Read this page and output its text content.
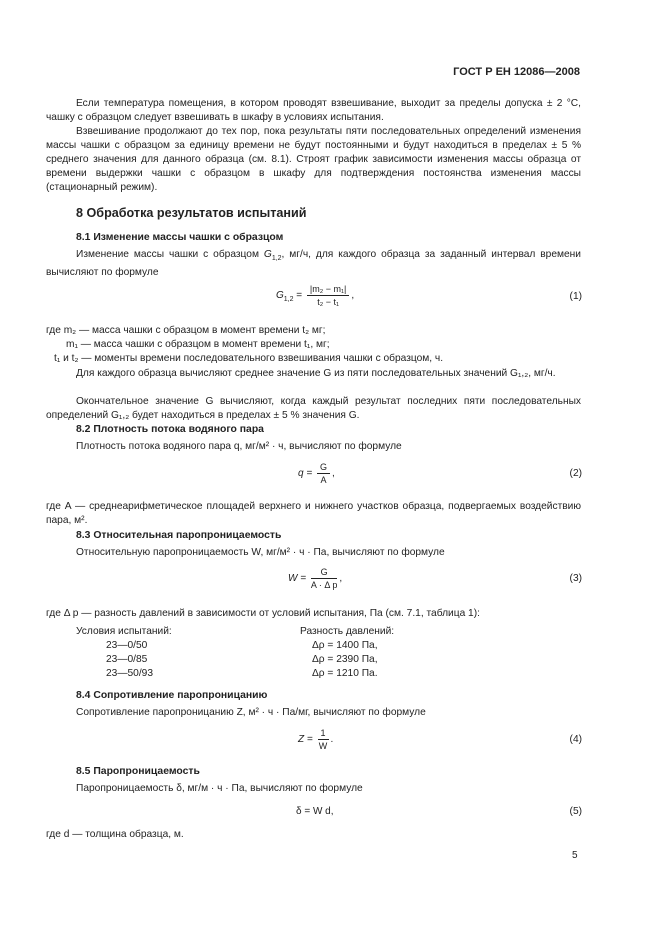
ГОСТ Р ЕН 12086—2008
Если температура помещения, в котором проводят взвешивание, выходит за пределы допуска ± 2 °С, чашку с образцом следует взвешивать в шкафу в условиях испытания.
Взвешивание продолжают до тех пор, пока результаты пяти последовательных определений изменения массы чашки с образцом за единицу времени не будут постоянными и будут находиться в пределах ± 5 % среднего значения для данного образца (см. 8.1). Строят график зависимости изменения массы образца от времени выдержки чашки с образцом в шкафу для подтверждения постоянства изменения массы (стационарный режим).
8 Обработка результатов испытаний
8.1 Изменение массы чашки с образцом
Изменение массы чашки с образцом $G_{1,2}$, мг/ч, для каждого образца за заданный интервал времени вычисляют по формуле
$G_{1,2} = \frac{\text{|m₂ − m₁|}}{\text{t₂ − t₁}}$ ,	(1)
где m₂ — масса чашки с образцом в момент времени t₂ мг;
m₁ — масса чашки с образцом в момент времени t₁, мг;
t₁ и t₂ — моменты времени последовательного взвешивания чашки с образцом, ч.
Для каждого образца вычисляют среднее значение G из пяти последовательных значений G₁,₂, мг/ч.
Окончательное значение G вычисляют, когда каждый результат последних пяти последовательных определений G₁,₂ будет находиться в пределах ± 5 % значения G.
8.2 Плотность потока водяного пара
Плотность потока водяного пара q, мг/м² · ч, вычисляют по формуле
$q = \frac{G}{A}$ ,	(2)
где A — среднеарифметическое площадей верхнего и нижнего участков образца, подвергаемых воздействию пара, м².
8.3 Относительная паропроницаемость
Относительную паропроницаемость W, мг/м² · ч · Па, вычисляют по формуле
$W = \frac{G}{\text{A · Δ p}}$ ,	(3)
где Δ p — разность давлений в зависимости от условий испытания, Па (см. 7.1, таблица 1):
Условия испытаний:	Разность давлений:
23—0/50	Δρ = 1400 Па,
23—0/85	Δρ = 2390 Па,
23—50/93	Δρ = 1210 Па.
8.4 Сопротивление паропроницанию
Сопротивление паропроницанию Z, м² · ч · Па/мг, вычисляют по формуле
$Z = \frac{1}{W}$ .	(4)
8.5 Паропроницаемость
Паропроницаемость δ, мг/м · ч · Па, вычисляют по формуле
δ = W d,	(5)
где d — толщина образца, м.
5
